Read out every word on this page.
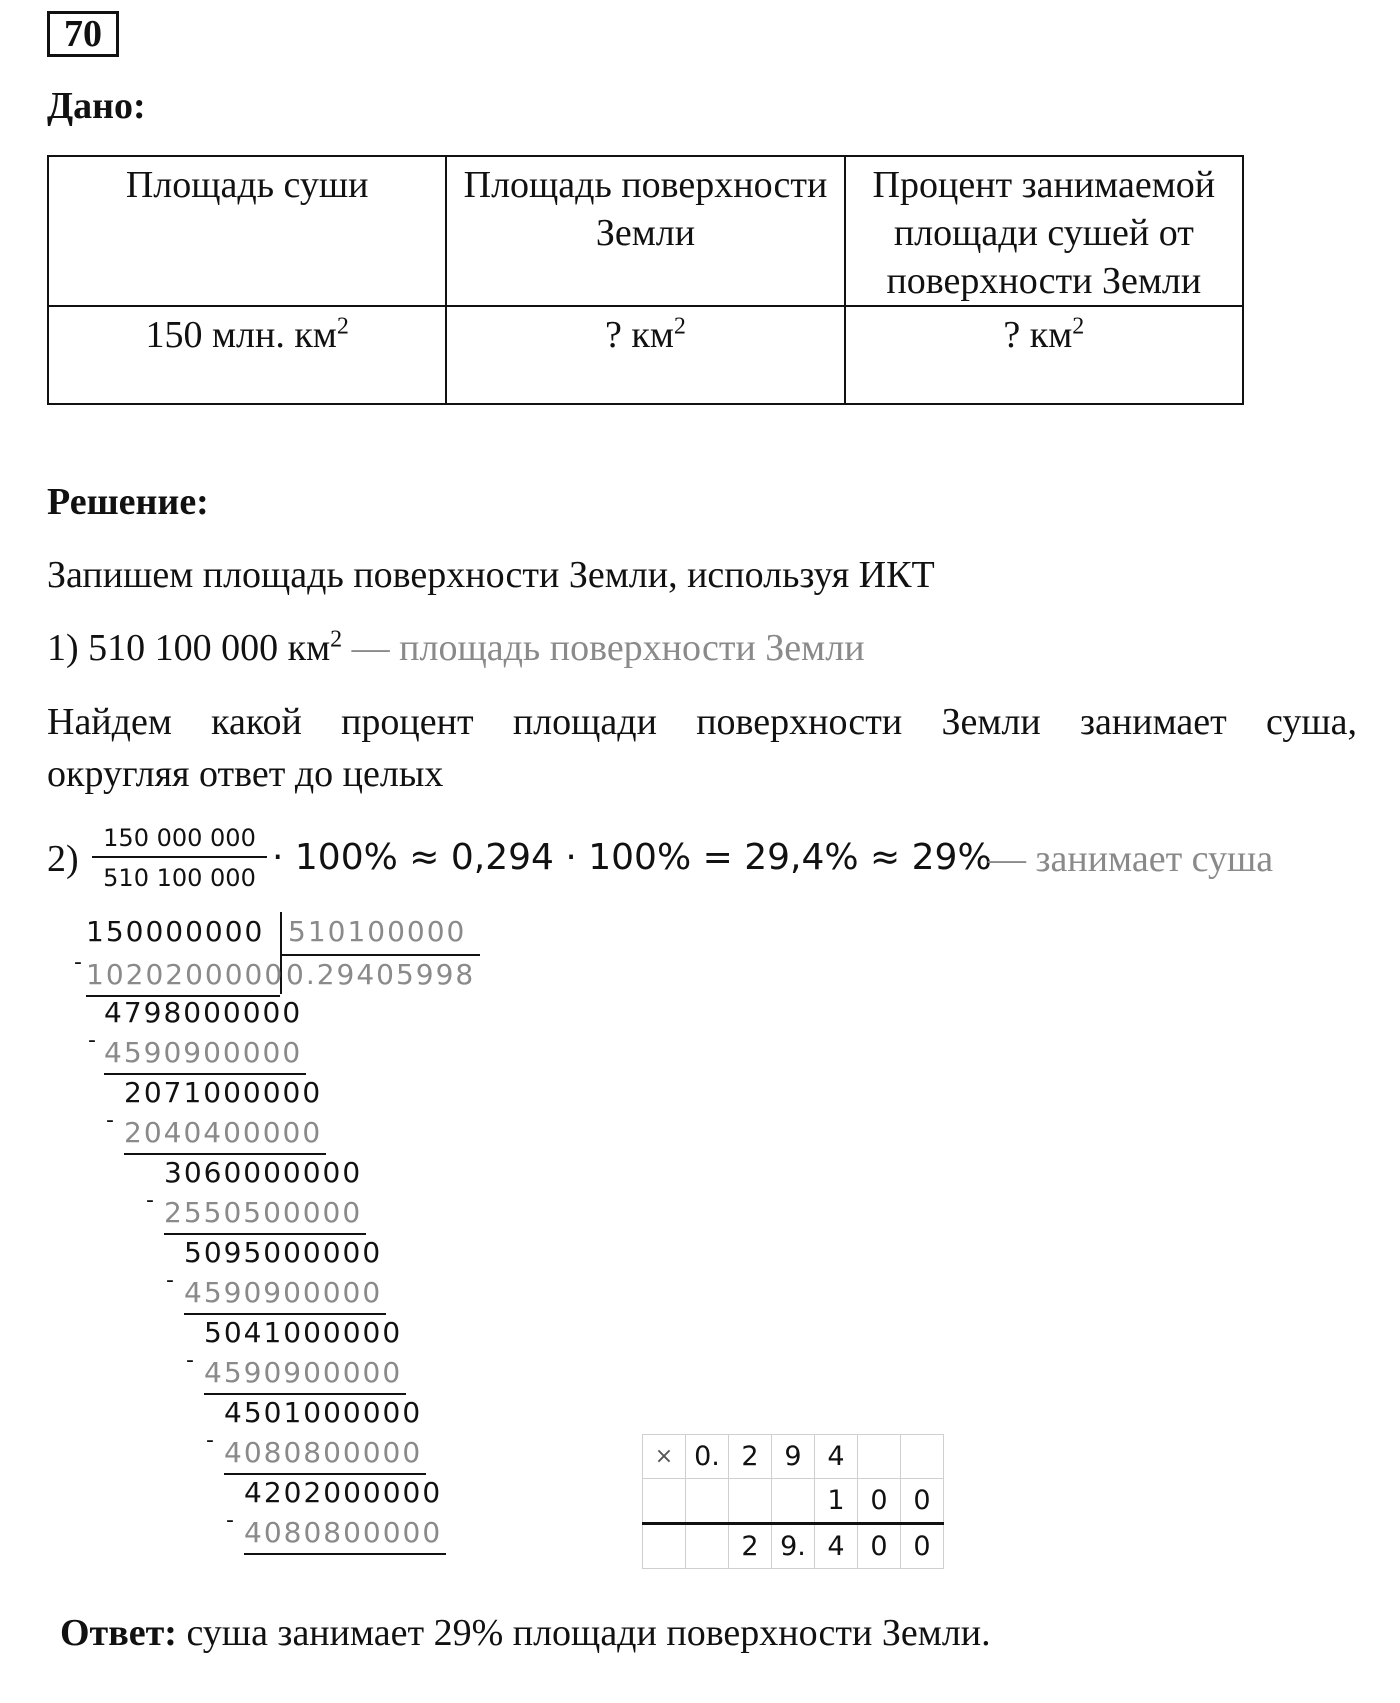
70
Дано:
Площадь суши	Площадь поверхности Земли	Процент занимаемой площади сушей от поверхности Земли
150 млн. $км^2$	? $км^2$	? $км^2$
Решение:
Запишем площадь поверхности Земли, используя ИКТ
1) 510 100 000 $км^2$ — площадь поверхности Земли
Найдем какой процент площади поверхности Земли занимает суша,
округляя ответ до целых
$2) \frac{150 000 000}{510 100 000} \cdot 100\% \approx 0,294 \cdot 100\% = 29,4\% \approx 29\%$
— занимает суша
150000000 510100000
0.29405998
- 1020200000
4798000000
- 4590900000
2071000000
- 2040400000
3060000000
- 2550500000
5095000000
- 4590900000
5041000000
- 4590900000
4501000000
- 4080800000
4202000000
- 4080800000
×	0.	2	9	4		
				1	0	0
		2	9.	4	0	0
Ответ: суша занимает 29% площади поверхности Земли.
